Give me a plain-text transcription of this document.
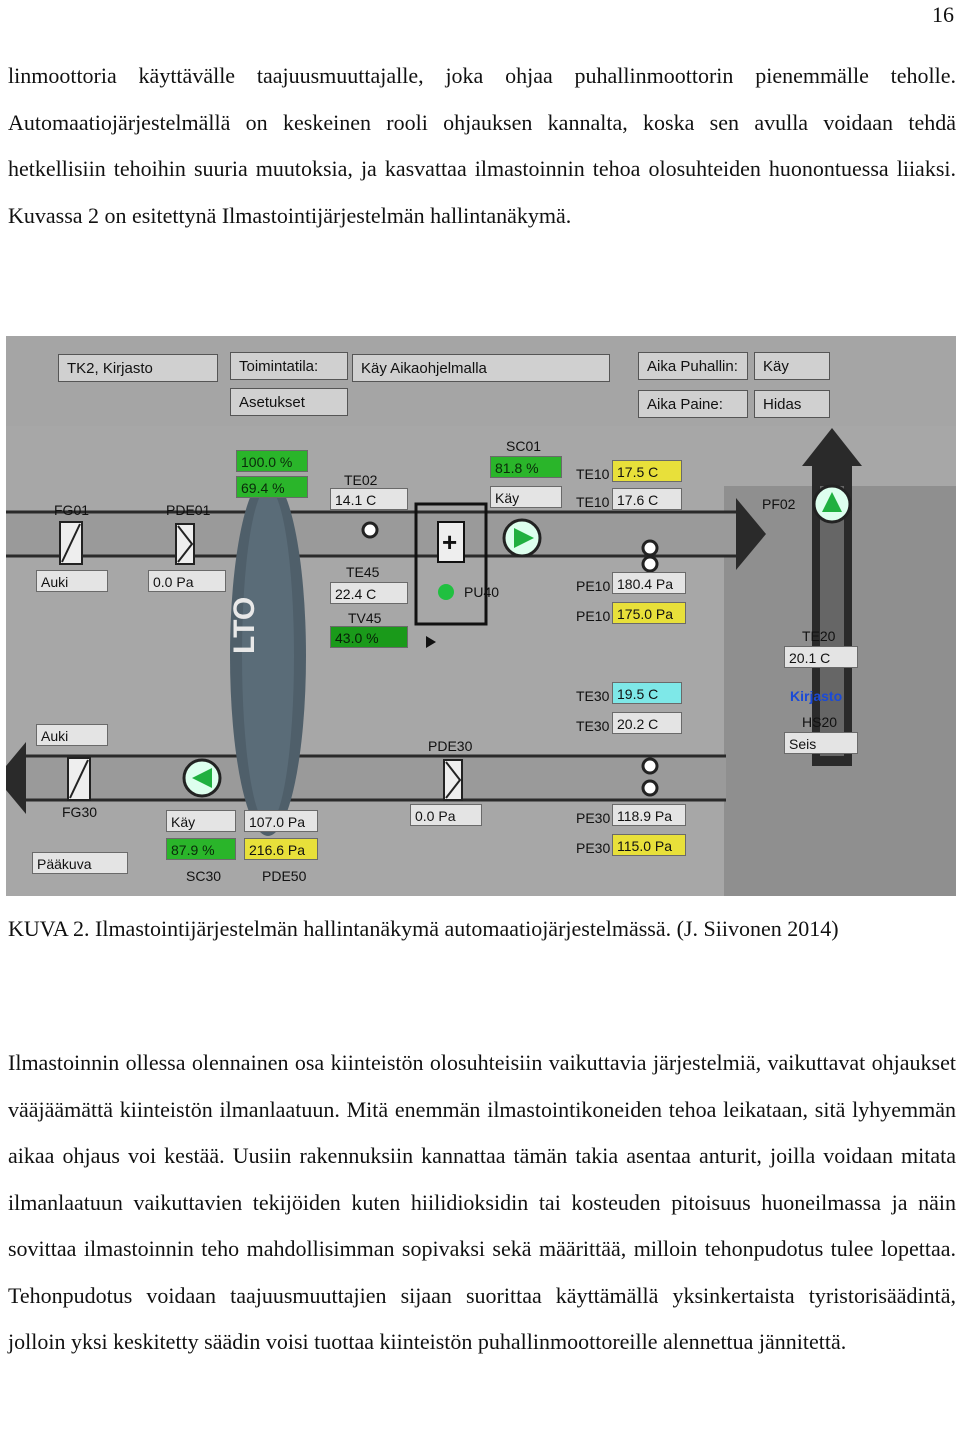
16

linmoottoria käyttävälle taajuusmuuttajalle, joka ohjaa puhallinmoottorin pienemmälle teholle. Automaatiojärjestelmällä on keskeinen rooli ohjauksen kannalta, koska sen avulla voidaan tehdä hetkellisiin tehoihin suuria muutoksia, ja kasvattaa ilmastoinnin tehoa olosuhteiden huonontuessa liiaksi. Kuvassa 2 on esitettynä Ilmastointijärjestelmän hallintanäkymä.

+
LTO
TK2, Kirjasto	Toimintatila:	Käy Aikaohjelmalla
Asetukset
Aika Puhallin:	Käy
Aika Paine:	Hidas
100.0 %
69.4 %
FG01
Auki
PDE01
0.0 Pa
TE02
14.1 C
TE45
22.4 C
TV45
43.0 %
SC01
81.8 %
Käy
PU40
TE10 17.5 C
TE10 17.6 C
PE10 180.4 Pa
PE10 175.0 Pa
PF02
TE20
20.1 C
Kirjasto
HS20
Seis
TE30 19.5 C
TE30 20.2 C
Auki
FG30
PDE30
0.0 Pa
Käy
87.9 %
SC30
107.0 Pa
216.6 Pa
PDE50
PE30 118.9 Pa
PE30 115.0 Pa
Pääkuva

KUVA 2. Ilmastointijärjestelmän hallintanäkymä automaatiojärjestelmässä. (J. Siivonen 2014)

Ilmastoinnin ollessa olennainen osa kiinteistön olosuhteisiin vaikuttavia järjestelmiä, vaikuttavat ohjaukset vääjäämättä kiinteistön ilmanlaatuun. Mitä enemmän ilmastointikoneiden tehoa leikataan, sitä lyhyemmän aikaa ohjaus voi kestää. Uusiin rakennuksiin kannattaa tämän takia asentaa anturit, joilla voidaan mitata ilmanlaatuun vaikuttavien tekijöiden kuten hiilidioksidin tai kosteuden pitoisuus huoneilmassa ja näin sovittaa ilmastoinnin teho mahdollisimman sopivaksi sekä määrittää, milloin tehonpudotus tulee lopettaa. Tehonpudotus voidaan taajuusmuuttajien sijaan suorittaa käyttämällä yksinkertaista tyristorisäädintä, jolloin yksi keskitetty säädin voisi tuottaa kiinteistön puhallinmoottoreille alennettua jännitettä.
